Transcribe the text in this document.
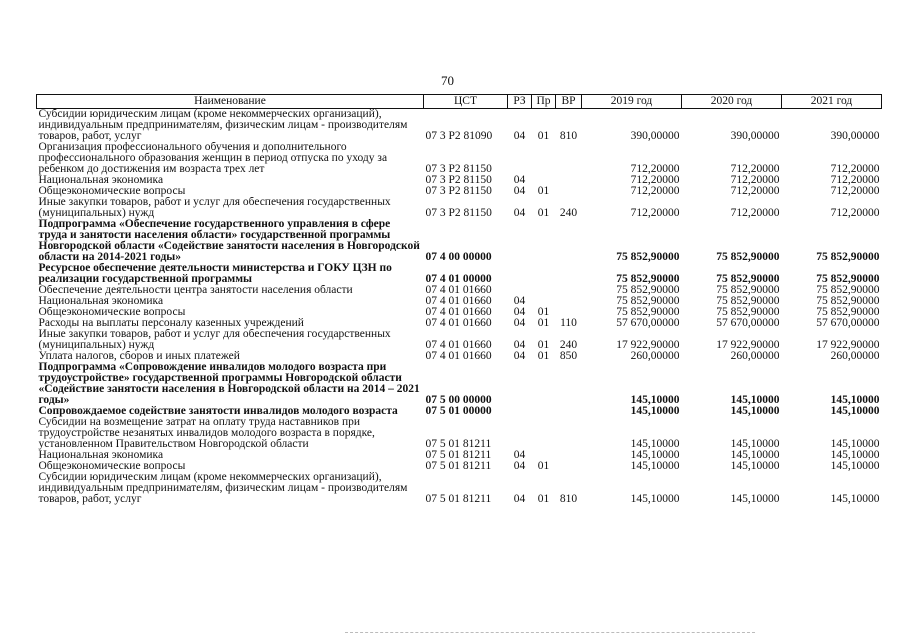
70
Наименование	ЦСТ	РЗ	Пр	ВР	2019 год	2020 год	2021 год
Субсидии юридическим лицам (кроме некоммерческих организаций), индивидуальным предпринимателям, физическим лицам - производителям товаров, работ, услуг	07 3 P2 81090	04	01	810	390,00000	390,00000	390,00000
Организация профессионального обучения и дополнительного профессионального образования женщин в период отпуска по уходу за ребенком до достижения им возраста трех лет	07 3 P2 81150				712,20000	712,20000	712,20000
Национальная экономика	07 3 P2 81150	04			712,20000	712,20000	712,20000
Общеэкономические вопросы	07 3 P2 81150	04	01		712,20000	712,20000	712,20000
Иные закупки товаров, работ и услуг для обеспечения государственных (муниципальных) нужд	07 3 P2 81150	04	01	240	712,20000	712,20000	712,20000
Подпрограмма «Обеспечение государственного управления в сфере труда и занятости населения области» государственной программы Новгородской области «Содействие занятости населения в Новгородской области на 2014-2021 годы»	07 4 00 00000				75 852,90000	75 852,90000	75 852,90000
Ресурсное обеспечение деятельности министерства и ГОКУ ЦЗН по реализации государственной программы	07 4 01 00000				75 852,90000	75 852,90000	75 852,90000
Обеспечение деятельности центра занятости населения области	07 4 01 01660				75 852,90000	75 852,90000	75 852,90000
Национальная экономика	07 4 01 01660	04			75 852,90000	75 852,90000	75 852,90000
Общеэкономические вопросы	07 4 01 01660	04	01		75 852,90000	75 852,90000	75 852,90000
Расходы на выплаты персоналу казенных учреждений	07 4 01 01660	04	01	110	57 670,00000	57 670,00000	57 670,00000
Иные закупки товаров, работ и услуг для обеспечения государственных (муниципальных) нужд	07 4 01 01660	04	01	240	17 922,90000	17 922,90000	17 922,90000
Уплата налогов, сборов и иных платежей	07 4 01 01660	04	01	850	260,00000	260,00000	260,00000
Подпрограмма «Сопровождение инвалидов молодого возраста при трудоустройстве» государственной программы Новгородской области «Содействие занятости населения в Новгородской области на 2014 – 2021 годы»	07 5 00 00000				145,10000	145,10000	145,10000
Сопровождаемое содействие занятости инвалидов молодого возраста	07 5 01 00000				145,10000	145,10000	145,10000
Субсидии на возмещение затрат на оплату труда наставников при трудоустройстве незанятых инвалидов молодого возраста в порядке, установленном Правительством Новгородской области	07 5 01 81211				145,10000	145,10000	145,10000
Национальная экономика	07 5 01 81211	04			145,10000	145,10000	145,10000
Общеэкономические вопросы	07 5 01 81211	04	01		145,10000	145,10000	145,10000
Субсидии юридическим лицам (кроме некоммерческих организаций), индивидуальным предпринимателям, физическим лицам - производителям товаров, работ, услуг	07 5 01 81211	04	01	810	145,10000	145,10000	145,10000
